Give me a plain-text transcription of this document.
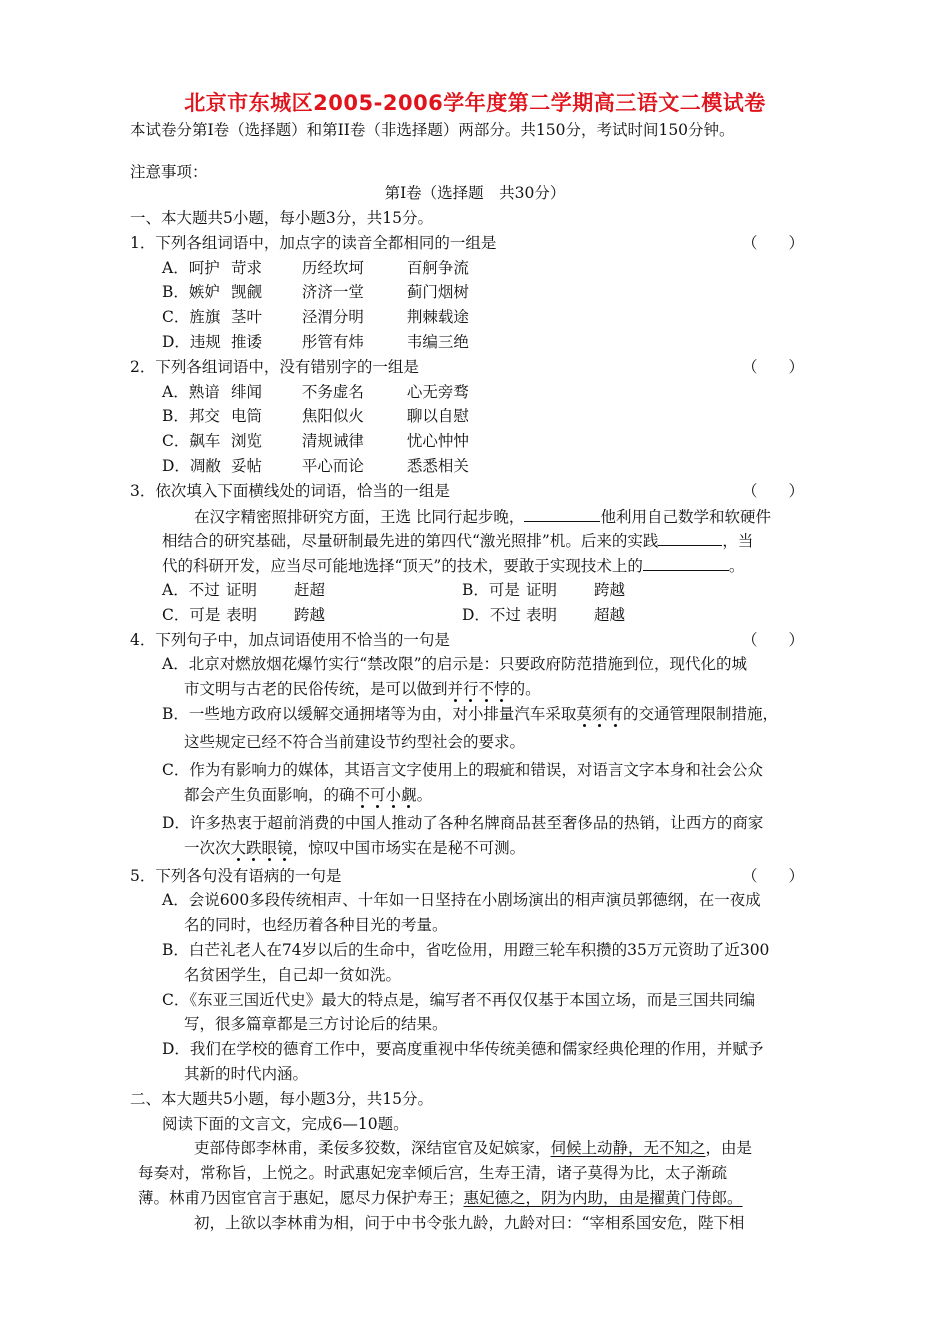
北京市东城区2005-2006学年度第二学期高三语文二模试卷
本试卷分第Ⅰ卷（选择题）和第II卷（非选择题）两部分。共150分，考试时间150分钟。
注意事项：
第Ⅰ卷（选择题　共30分）
一、本大题共5小题，每小题3分，共15分。
1．下列各组词语中，加点字的读音全都相同的一组是	（　　）
A．呵护 苛求	历经坎坷	百舸争流
B．嫉妒 觊觎	济济一堂	蓟门烟树
C．旌旗 茎叶	泾渭分明	荆棘载途
D．违规 推诿	彤管有炜	韦编三绝
2．下列各组词语中，没有错别字的一组是	（　　）
A．熟谙 绯闻	不务虚名	心无旁骛
B．邦交 电筒	焦阳似火	聊以自慰
C．飙车 浏览	清规诫律	忧心忡忡
D．凋敝 妥帖	平心而论	悉悉相关
3．依次填入下面横线处的词语，恰当的一组是	（　　）
在汉字精密照排研究方面，王选 比同行起步晚，	他利用自己数学和软硬件
相结合的研究基础，尽量研制最先进的第四代“激光照排”机。后来的实践	，当
代的科研开发，应当尽可能地选择“顶天”的技术，要敢于实现技术上的	。
A．不过 证明 赶超	B．可是 证明 跨越
C．可是 表明 跨越	D．不过 表明 超越
4．下列句子中，加点词语使用不恰当的一句是	（　　）
A．北京对燃放烟花爆竹实行“禁改限”的启示是：只要政府防范措施到位，现代化的城
市文明与古老的民俗传统，是可以做到并行不悖的。
B．一些地方政府以缓解交通拥堵等为由，对小排量汽车采取莫须有的交通管理限制措施，
这些规定已经不符合当前建设节约型社会的要求。
C．作为有影响力的媒体，其语言文字使用上的瑕疵和错误，对语言文字本身和社会公众
都会产生负面影响，的确不可小觑。
D．许多热衷于超前消费的中国人推动了各种名牌商品甚至奢侈品的热销，让西方的商家
一次次大跌眼镜，惊叹中国市场实在是秘不可测。
5．下列各句没有语病的一句是	（　　）
A．会说600多段传统相声、十年如一日坚持在小剧场演出的相声演员郭德纲，在一夜成
名的同时，也经历着各种目光的考量。
B．白芒礼老人在74岁以后的生命中，省吃俭用，用蹬三轮车积攒的35万元资助了近300
名贫困学生，自己却一贫如洗。
C．《东亚三国近代史》最大的特点是，编写者不再仅仅基于本国立场，而是三国共同编
写，很多篇章都是三方讨论后的结果。
D．我们在学校的德育工作中，要高度重视中华传统美德和儒家经典伦理的作用，并赋予
其新的时代内涵。
二、本大题共5小题，每小题3分，共15分。
阅读下面的文言文，完成6—10题。
吏部侍郎李林甫，柔佞多狡数，深结宦官及妃嫔家，伺候上动静，无不知之，由是
每奏对，常称旨，上悦之。时武惠妃宠幸倾后宫，生寿王清，诸子莫得为比，太子渐疏
薄。林甫乃因宦官言于惠妃，愿尽力保护寿王；惠妃德之，阴为内助，由是擢黄门侍郎。
初，上欲以李林甫为相，问于中书令张九龄，九龄对曰：“宰相系国安危，陛下相
